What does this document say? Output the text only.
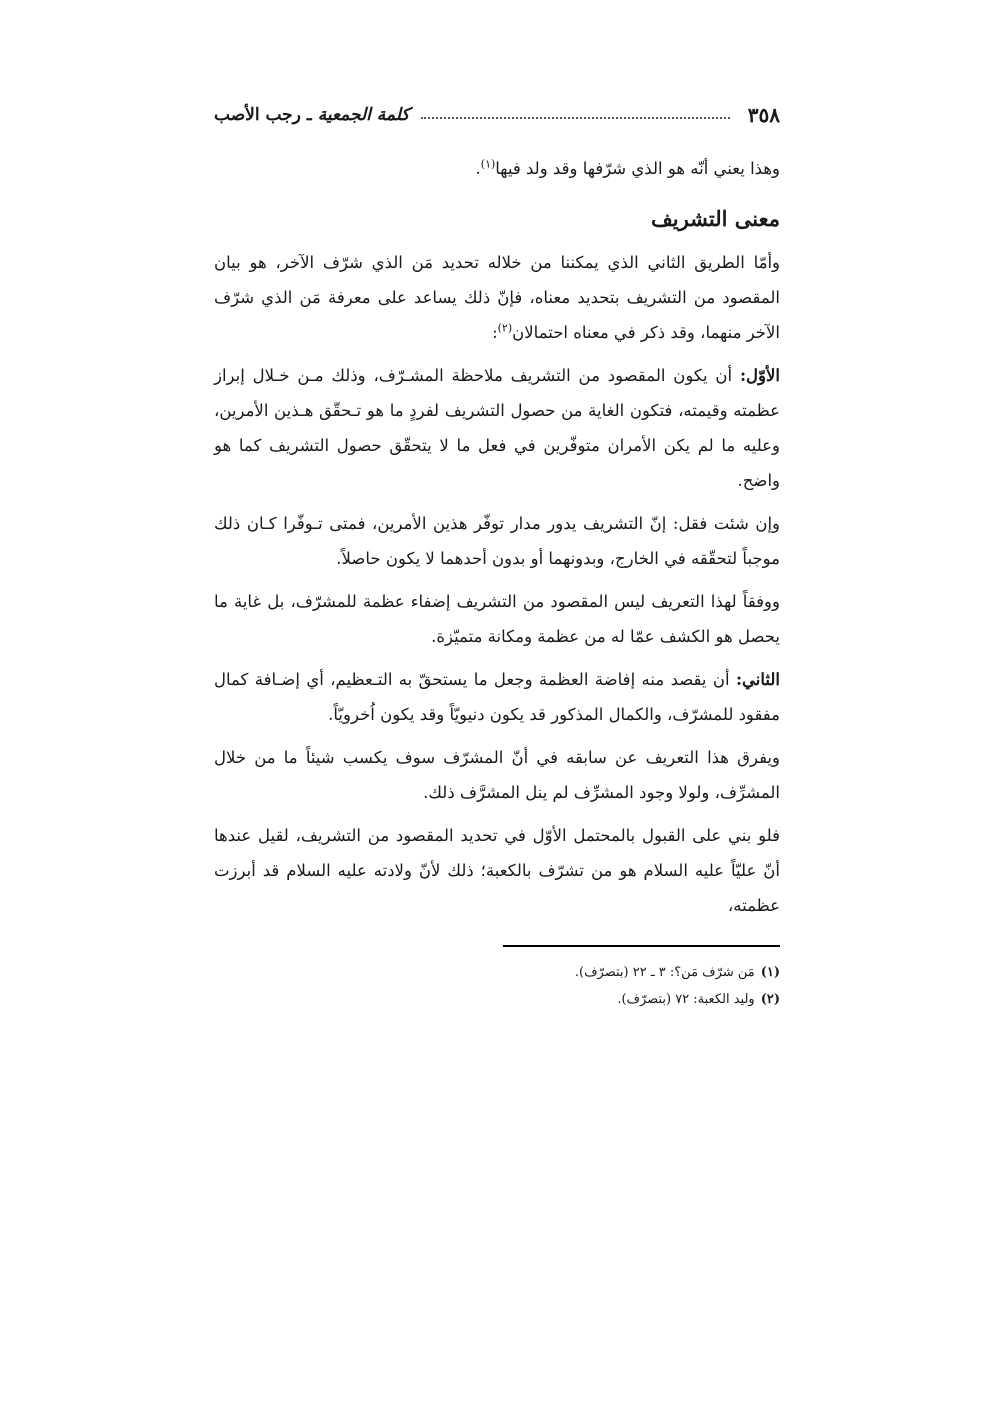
٣٥٨
كلمة الجمعية ـ رجب الأصب

وهذا يعني أنّه هو الذي شرّفها وقد ولد فيها$^{(١)}$.

معنى التشريف

وأمّا الطريق الثاني الذي يمكننا من خلاله تحديد مَن الذي شرّف الآخر، هو بيان المقصود من التشريف بتحديد معناه، فإنّ ذلك يساعد على معرفة مَن الذي شرّف الآخر منهما، وقد ذكر في معناه احتمالان$^{(٢)}$:

الأوّل: أن يكون المقصود من التشريف ملاحظة المشـرّف، وذلك مـن خـلال إبراز عظمته وقيمته، فتكون الغاية من حصول التشريف لفردٍ ما هو تـحقّق هـذين الأمرين، وعليه ما لم يكن الأمران متوفّرين في فعل ما لا يتحقّق حصول التشريف كما هو واضح.

وإن شئت فقل: إنّ التشريف يدور مدار توفّر هذين الأمرين، فمتى تـوفّرا كـان ذلك موجباً لتحقّقه في الخارج، وبدونهما أو بدون أحدهما لا يكون حاصلاً.

ووفقاً لهذا التعريف ليس المقصود من التشريف إضفاء عظمة للمشرّف، بل غاية ما يحصل هو الكشف عمّا له من عظمة ومكانة متميّزة.

الثاني: أن يقصد منه إفاضة العظمة وجعل ما يستحقّ به التـعظيم، أي إضـافة كمال مفقود للمشرّف، والكمال المذكور قد يكون دنيويّاً وقد يكون اُخرويّاً.

ويفرق هذا التعريف عن سابقه في أنّ المشرّف سوف يكسب شيئاً ما من خلال المشرِّف، ولولا وجود المشرِّف لم ينل المشرَّف ذلك.

فلو بني على القبول بالمحتمل الأوّل في تحديد المقصود من التشريف، لقيل عندها أنّ عليّاً عليه السلام هو من تشرّف بالكعبة؛ ذلك لأنّ ولادته عليه السلام قد أبرزت عظمته،

(١)مَن شرّف مَن؟: ٣ ـ ٢٢ (بتصرّف).
(٢)وليد الكعبة: ٧٢ (بتصرّف).
